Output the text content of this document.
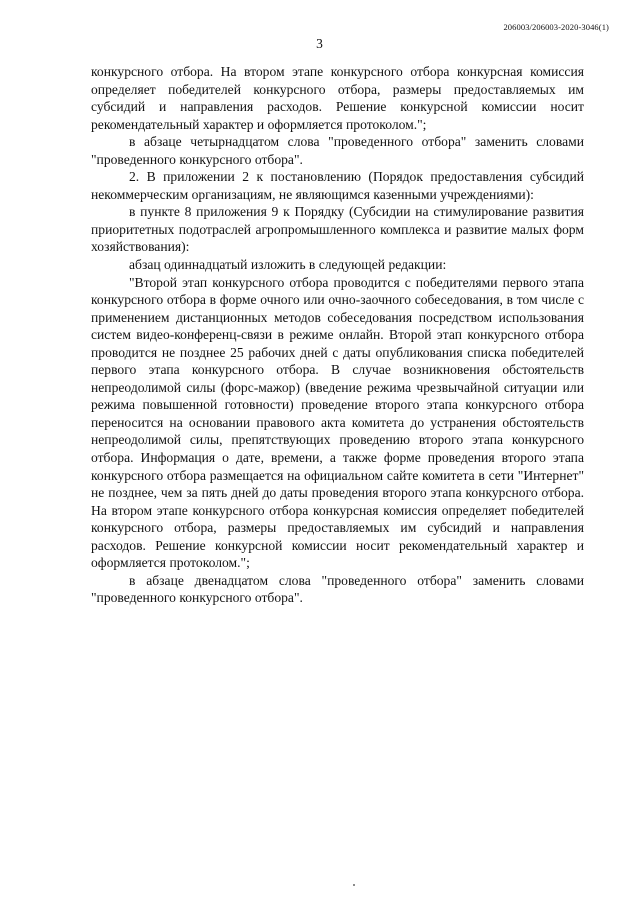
206003/206003-2020-3046(1)
3

конкурсного отбора. На втором этапе конкурсного отбора конкурсная комиссия определяет победителей конкурсного отбора, размеры предоставляемых им субсидий и направления расходов. Решение конкурсной комиссии носит рекомендательный характер и оформляется протоколом.";

в абзаце четырнадцатом слова "проведенного отбора" заменить словами "проведенного конкурсного отбора".

2. В приложении 2 к постановлению (Порядок предоставления субсидий некоммерческим организациям, не являющимся казенными учреждениями):

в пункте 8 приложения 9 к Порядку (Субсидии на стимулирование развития приоритетных подотраслей агропромышленного комплекса и развитие малых форм хозяйствования):

абзац одиннадцатый изложить в следующей редакции:

"Второй этап конкурсного отбора проводится с победителями первого этапа конкурсного отбора в форме очного или очно-заочного собеседования, в том числе с применением дистанционных методов собеседования посредством использования систем видео-конференц-связи в режиме онлайн. Второй этап конкурсного отбора проводится не позднее 25 рабочих дней с даты опубликования списка победителей первого этапа конкурсного отбора. В случае возникновения обстоятельств непреодолимой силы (форс-мажор) (введение режима чрезвычайной ситуации или режима повышенной готовности) проведение второго этапа конкурсного отбора переносится на основании правового акта комитета до устранения обстоятельств непреодолимой силы, препятствующих проведению второго этапа конкурсного отбора. Информация о дате, времени, а также форме проведения второго этапа конкурсного отбора размещается на официальном сайте комитета в сети "Интернет" не позднее, чем за пять дней до даты проведения второго этапа конкурсного отбора. На втором этапе конкурсного отбора конкурсная комиссия определяет победителей конкурсного отбора, размеры предоставляемых им субсидий и направления расходов. Решение конкурсной комиссии носит рекомендательный характер и оформляется протоколом.";

в абзаце двенадцатом слова "проведенного отбора" заменить словами "проведенного конкурсного отбора".
